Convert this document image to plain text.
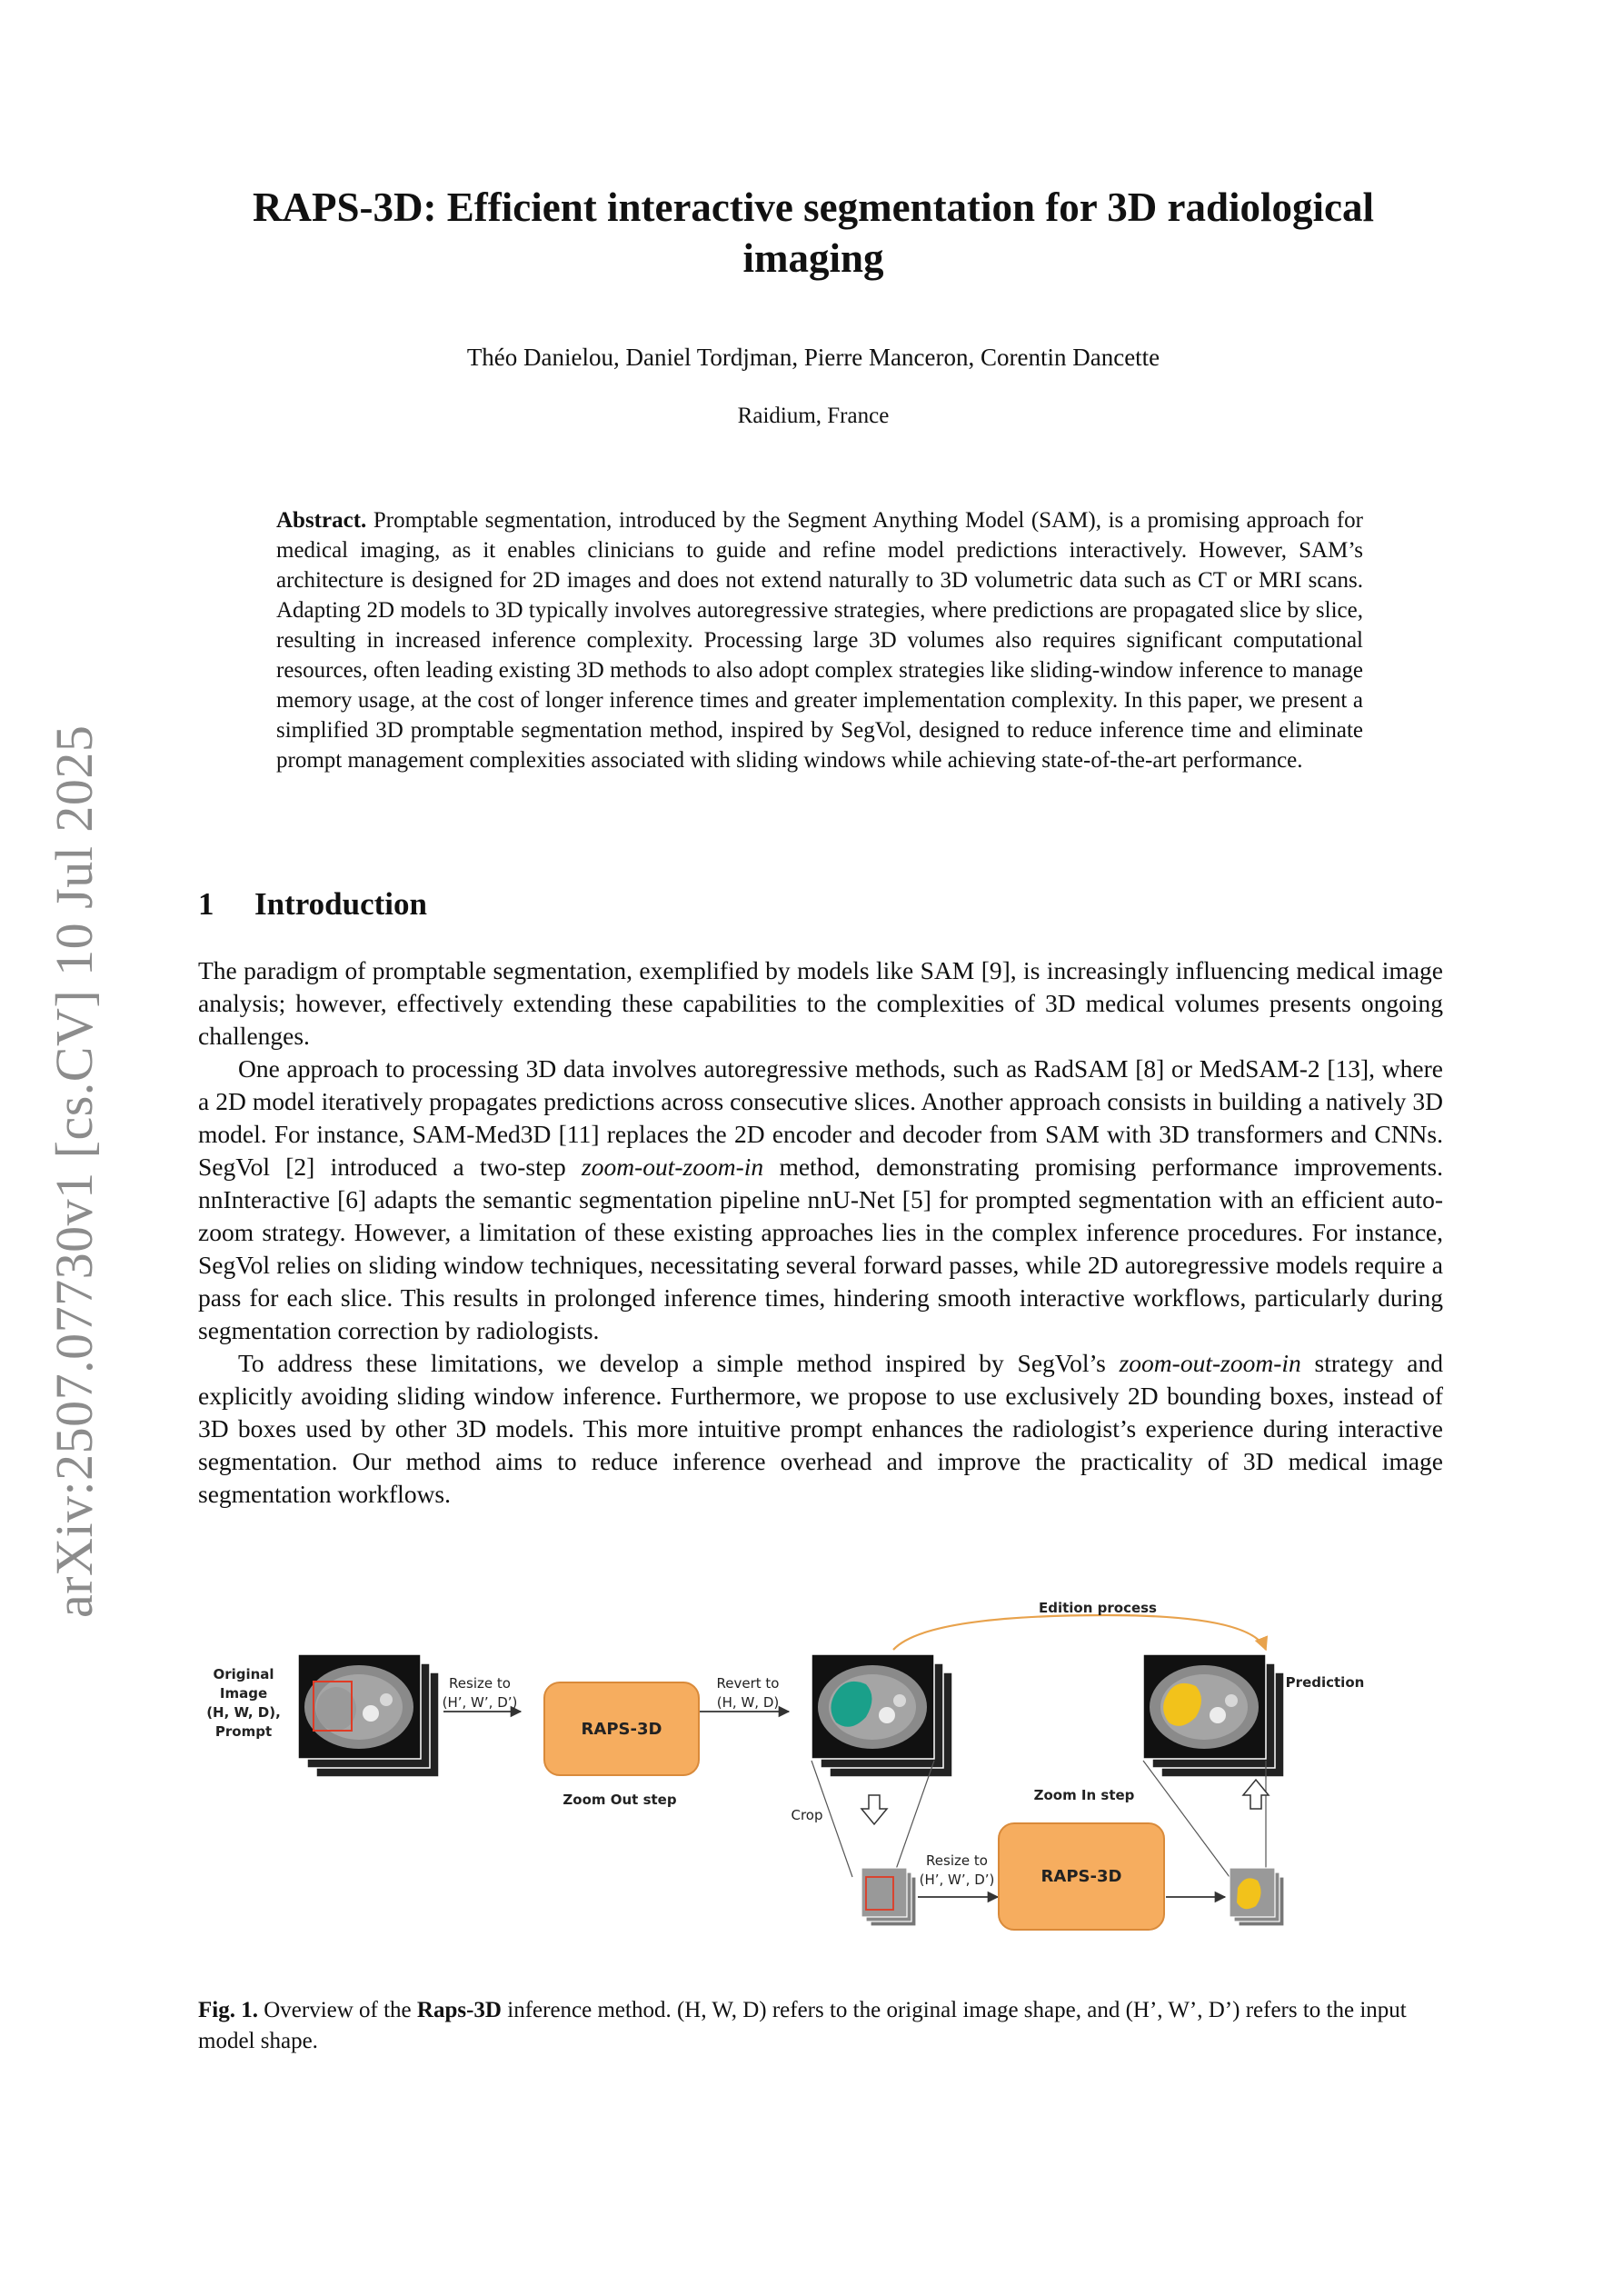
arXiv:2507.07730v1 [cs.CV] 10 Jul 2025
RAPS-3D: Efficient interactive segmentation for 3D radiological
imaging
Théo Danielou, Daniel Tordjman, Pierre Manceron, Corentin Dancette
Raidium, France
Abstract. Promptable segmentation, introduced by the Segment Anything Model (SAM), is a promising approach for medical imaging, as it enables clinicians to guide and refine model predictions interactively. However, SAM’s architecture is designed for 2D images and does not extend naturally to 3D volumetric data such as CT or MRI scans. Adapting 2D models to 3D typically involves autoregressive strategies, where predictions are propagated slice by slice, resulting in increased inference complexity. Processing large 3D volumes also requires significant computational resources, often leading existing 3D methods to also adopt complex strategies like sliding-window inference to manage memory usage, at the cost of longer inference times and greater implementation complexity. In this paper, we present a simplified 3D promptable segmentation method, inspired by SegVol, designed to reduce inference time and eliminate prompt management complexities associated with sliding windows while achieving state-of-the-art performance.
1 Introduction

The paradigm of promptable segmentation, exemplified by models like SAM [9], is increasingly influencing medical image analysis; however, effectively extending these capabilities to the complexities of 3D medical volumes presents ongoing challenges.

One approach to processing 3D data involves autoregressive methods, such as RadSAM [8] or MedSAM-2 [13], where a 2D model iteratively propagates predictions across consecutive slices. Another approach consists in building a natively 3D model. For instance, SAM-Med3D [11] replaces the 2D encoder and decoder from SAM with 3D transformers and CNNs. SegVol [2] introduced a two-step zoom-out-zoom-in method, demonstrating promising performance improvements. nnInteractive [6] adapts the semantic segmentation pipeline nnU-Net [5] for prompted segmentation with an efficient auto-zoom strategy. However, a limitation of these existing approaches lies in the complex inference procedures. For instance, SegVol relies on sliding window techniques, necessitating several forward passes, while 2D autoregressive models require a pass for each slice. This results in prolonged inference times, hindering smooth interactive workflows, particularly during segmentation correction by radiologists.

To address these limitations, we develop a simple method inspired by SegVol’s zoom-out-zoom-in strategy and explicitly avoiding sliding window inference. Furthermore, we propose to use exclusively 2D bounding boxes, instead of 3D boxes used by other 3D models. This more intuitive prompt enhances the radiologist’s experience during interactive segmentation. Our method aims to reduce inference overhead and improve the practicality of 3D medical image segmentation workflows.

Original
Image
(H, W, D),
Prompt
Resize to
(H’, W’, D’)
RAPS-3D
Zoom Out step
Revert to
(H, W, D)
Edition process
Crop
Zoom In step
Resize to
(H’, W’, D’)	RAPS-3D
Prediction
Fig. 1. Overview of the Raps-3D inference method. (H, W, D) refers to the original image shape, and (H’, W’, D’) refers to the input model shape.
